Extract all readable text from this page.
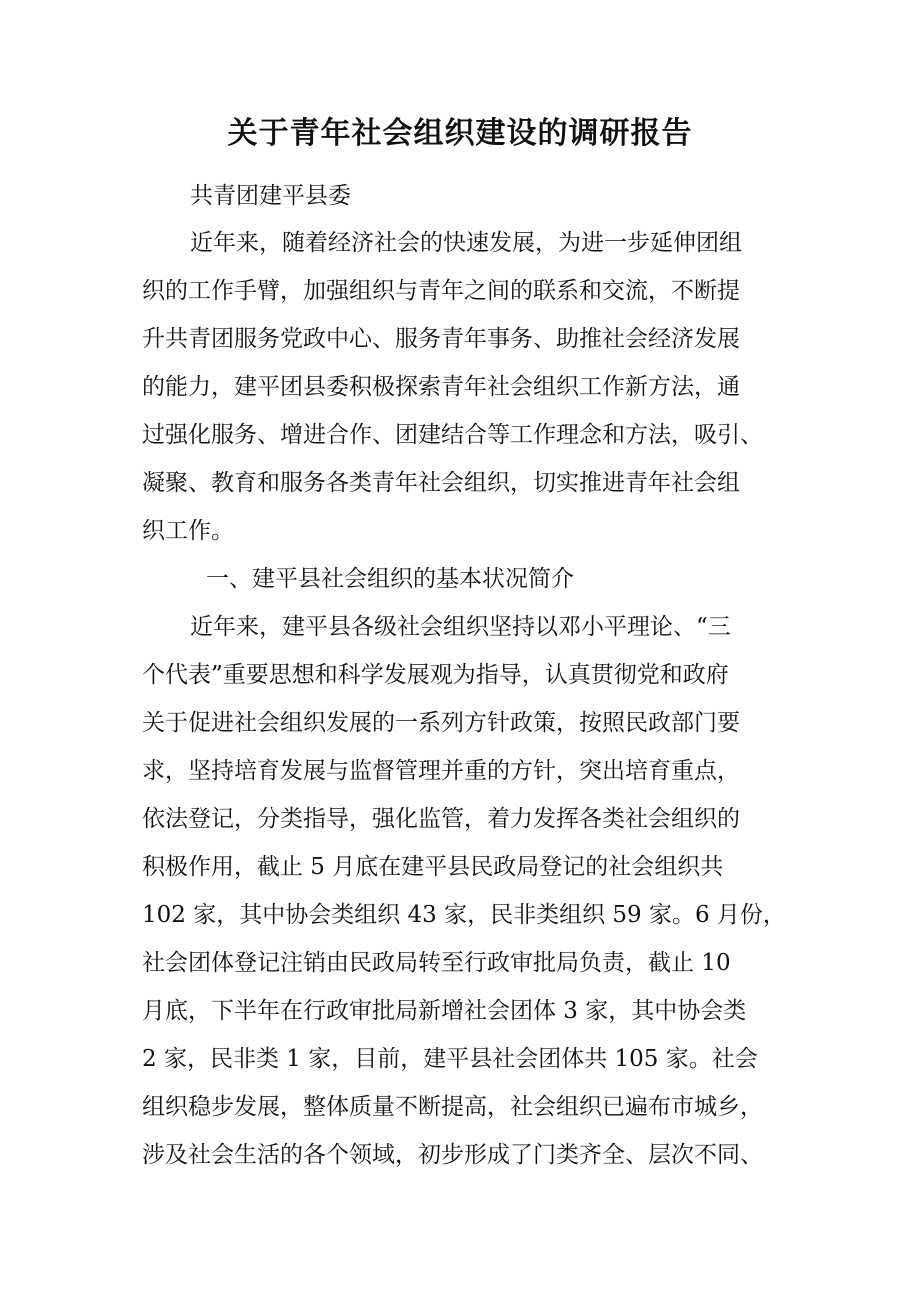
关于青年社会组织建设的调研报告
共青团建平县委
近年来，随着经济社会的快速发展，为进一步延伸团组
织的工作手臂，加强组织与青年之间的联系和交流，不断提
升共青团服务党政中心、服务青年事务、助推社会经济发展
的能力，建平团县委积极探索青年社会组织工作新方法，通
过强化服务、增进合作、团建结合等工作理念和方法，吸引、
凝聚、教育和服务各类青年社会组织，切实推进青年社会组
织工作。
一、建平县社会组织的基本状况简介
近年来，建平县各级社会组织坚持以邓小平理论、“三
个代表”重要思想和科学发展观为指导，认真贯彻党和政府
关于促进社会组织发展的一系列方针政策，按照民政部门要
求，坚持培育发展与监督管理并重的方针，突出培育重点，
依法登记，分类指导，强化监管，着力发挥各类社会组织的
积极作用，截止 5 月底在建平县民政局登记的社会组织共
102 家，其中协会类组织 43 家，民非类组织 59 家。6 月份，
社会团体登记注销由民政局转至行政审批局负责，截止 10
月底，下半年在行政审批局新增社会团体 3 家，其中协会类
2 家，民非类 1 家，目前，建平县社会团体共 105 家。社会
组织稳步发展，整体质量不断提高，社会组织已遍布市城乡，
涉及社会生活的各个领域，初步形成了门类齐全、层次不同、
